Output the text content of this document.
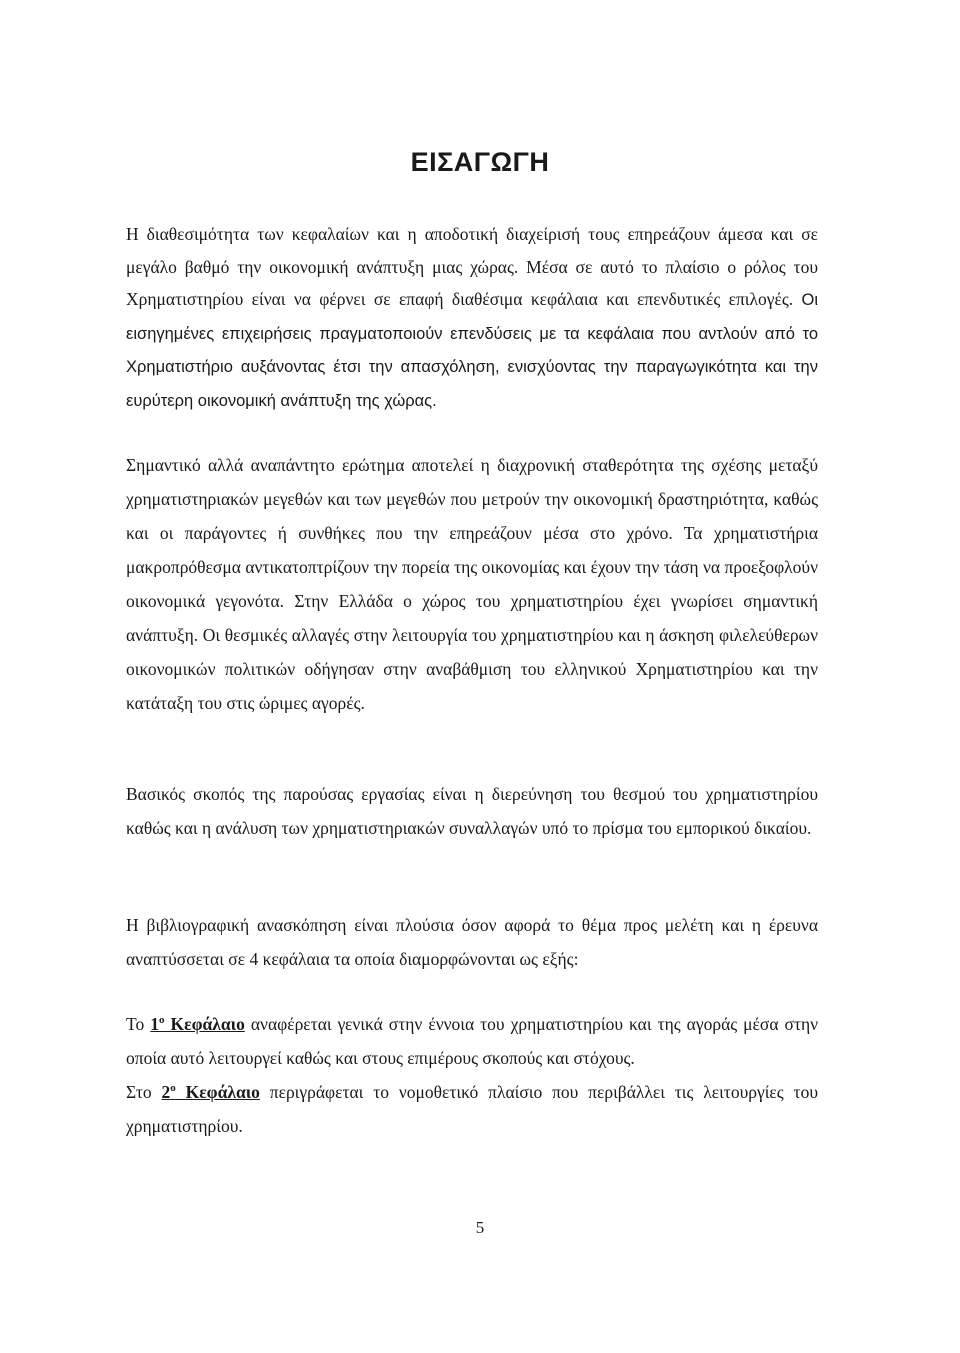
ΕΙΣΑΓΩΓΗ

Η διαθεσιμότητα των κεφαλαίων και η αποδοτική διαχείρισή τους επηρεάζουν άμεσα και σε μεγάλο βαθμό την οικονομική ανάπτυξη μιας χώρας. Μέσα σε αυτό το πλαίσιο ο ρόλος του Χρηματιστηρίου είναι να φέρνει σε επαφή διαθέσιμα κεφάλαια και επενδυτικές επιλογές. Οι εισηγημένες επιχειρήσεις πραγματοποιούν επενδύσεις με τα κεφάλαια που αντλούν από το Χρηματιστήριο αυξάνοντας έτσι την απασχόληση, ενισχύοντας την παραγωγικότητα και την ευρύτερη οικονομική ανάπτυξη της χώρας.

Σημαντικό αλλά αναπάντητο ερώτημα αποτελεί η διαχρονική σταθερότητα της σχέσης μεταξύ χρηματιστηριακών μεγεθών και των μεγεθών που μετρούν την οικονομική δραστηριότητα, καθώς και οι παράγοντες ή συνθήκες που την επηρεάζουν μέσα στο χρόνο. Τα χρηματιστήρια μακροπρόθεσμα αντικατοπτρίζουν την πορεία της οικονομίας και έχουν την τάση να προεξοφλούν οικονομικά γεγονότα. Στην Ελλάδα ο χώρος του χρηματιστηρίου έχει γνωρίσει σημαντική ανάπτυξη. Οι θεσμικές αλλαγές στην λειτουργία του χρηματιστηρίου και η άσκηση φιλελεύθερων οικονομικών πολιτικών οδήγησαν στην αναβάθμιση του ελληνικού Χρηματιστηρίου και την κατάταξη του στις ώριμες αγορές.

Βασικός σκοπός της παρούσας εργασίας είναι η διερεύνηση του θεσμού του χρηματιστηρίου καθώς και η ανάλυση των χρηματιστηριακών συναλλαγών υπό το πρίσμα του εμπορικού δικαίου.

Η βιβλιογραφική ανασκόπηση είναι πλούσια όσον αφορά το θέμα προς μελέτη και η έρευνα αναπτύσσεται σε 4 κεφάλαια τα οποία διαμορφώνονται ως εξής:

Το $1^o$ Κεφάλαιο αναφέρεται γενικά στην έννοια του χρηματιστηρίου και της αγοράς μέσα στην οποία αυτό λειτουργεί καθώς και στους επιμέρους σκοπούς και στόχους.

Στο $2^o$ Κεφάλαιο περιγράφεται το νομοθετικό πλαίσιο που περιβάλλει τις λειτουργίες του χρηματιστηρίου.

5
